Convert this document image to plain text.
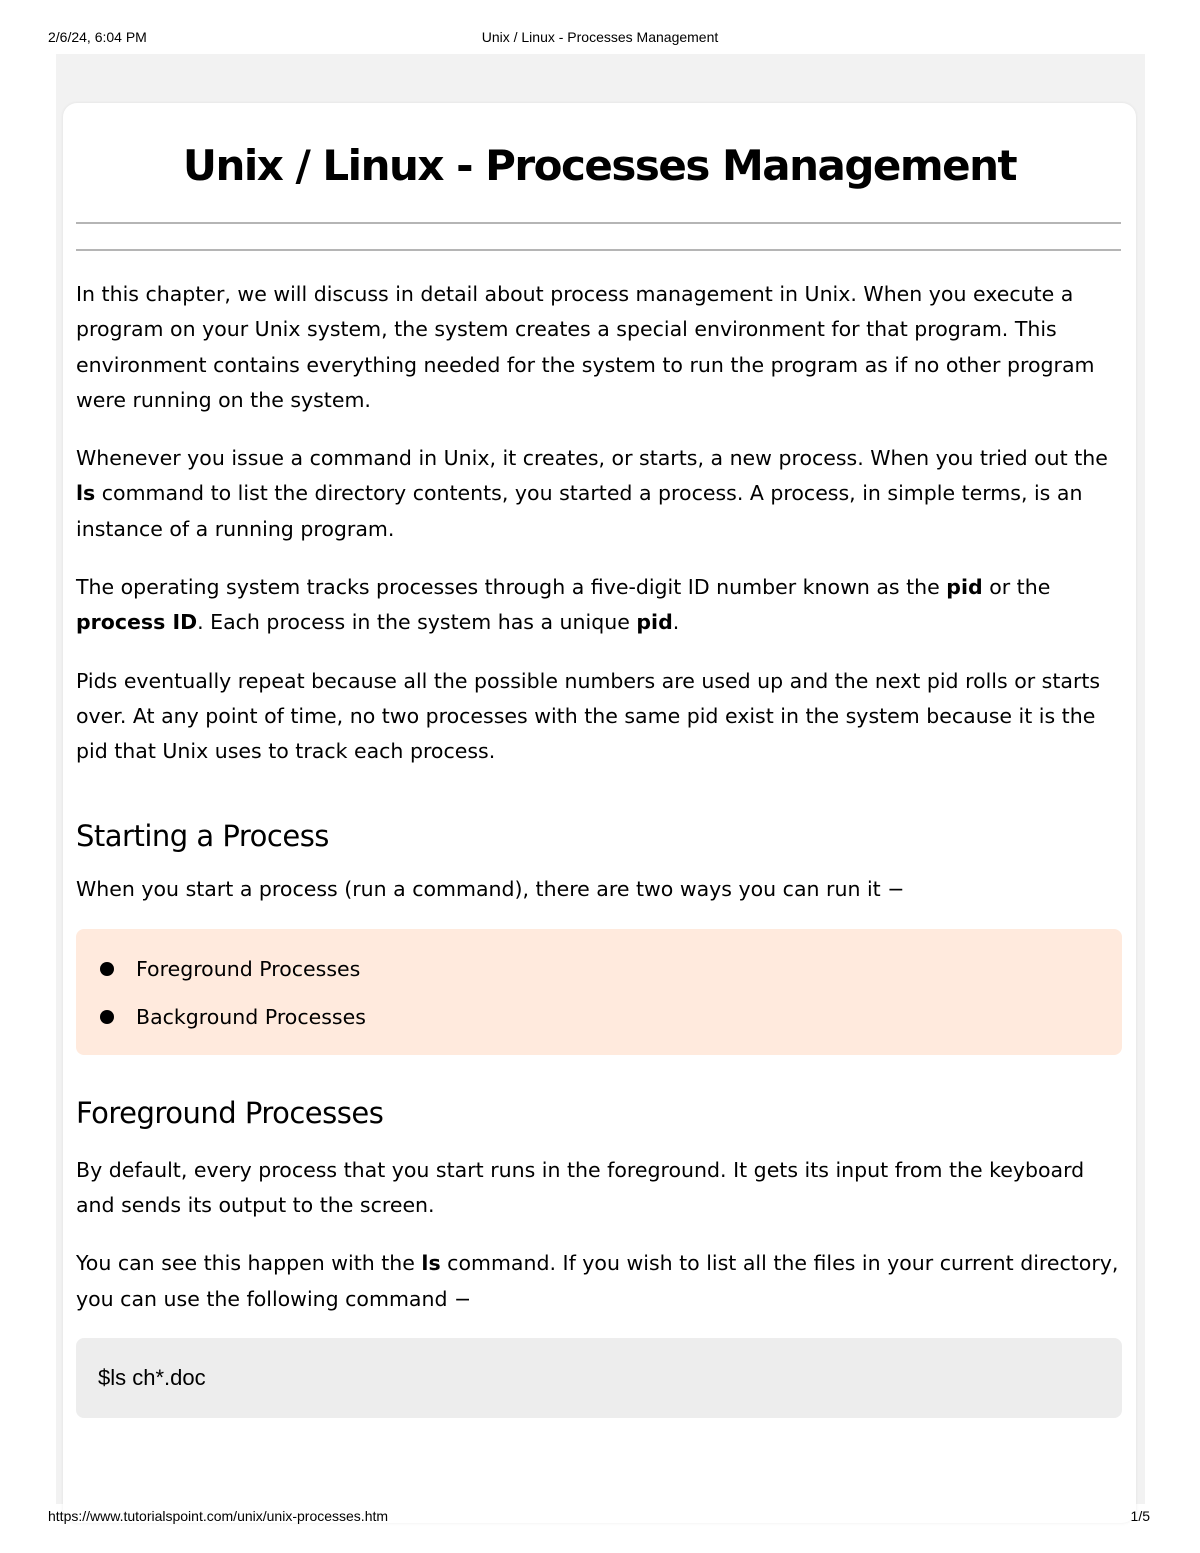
Unix / Linux - Processes Management
2/6/24, 6:04 PM
Unix / Linux - Processes Management

In this chapter, we will discuss in detail about process management in Unix. When you execute a program on your Unix system, the system creates a special environment for that program. This environment contains everything needed for the system to run the program as if no other program were running on the system.

Whenever you issue a command in Unix, it creates, or starts, a new process. When you tried out the ls command to list the directory contents, you started a process. A process, in simple terms, is an instance of a running program.

The operating system tracks processes through a five-digit ID number known as the pid or the process ID. Each process in the system has a unique pid.

Pids eventually repeat because all the possible numbers are used up and the next pid rolls or starts over. At any point of time, no two processes with the same pid exist in the system because it is the pid that Unix uses to track each process.

Starting a Process

When you start a process (run a command), there are two ways you can run it −

Foreground Processes
Background Processes
Foreground Processes

By default, every process that you start runs in the foreground. It gets its input from the keyboard and sends its output to the screen.

You can see this happen with the ls command. If you wish to list all the files in your current directory, you can use the following command −

$ls ch*.doc
https://www.tutorialspoint.com/unix/unix-processes.htm	1/5
